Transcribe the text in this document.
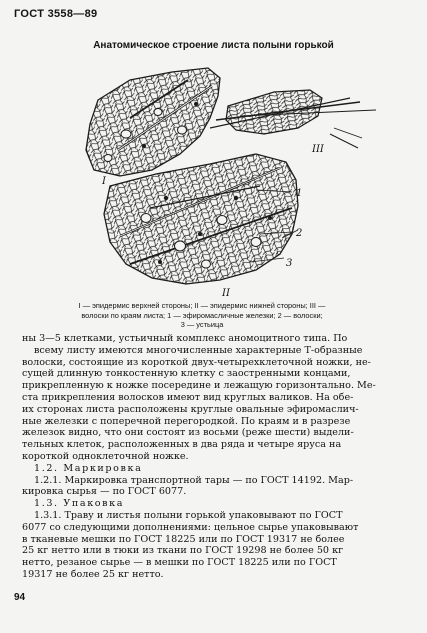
ГОСТ 3558—89
Анатомическое строение листа полыни горькой
I
III
II
1
2
3
I — эпидермис верхней стороны; II — эпидермис нижней стороны; III —
волоски по краям листа; 1 — эфиромасличные железки; 2 — волоски;
3 — устьица

ны 3—5 клетками, устьичный комплекс аномоцитного типа. По

всему листу имеются многочисленные характерные Т-образные

волоски, состоящие из короткой двух-четырехклеточной ножки, не-

сущей длинную тонкостенную клетку с заостренными концами,

прикрепленную к ножке посередине и лежащую горизонтально. Ме-

ста прикрепления волосков имеют вид круглых валиков. На обе-

их сторонах листа расположены круглые овальные эфиромаслич-

ные железки с поперечной перегородкой. По краям и в разрезе

железок видно, что они состоят из восьми (реже шести) выдели-

тельных клеток, расположенных в два ряда и четыре яруса на

короткой одноклеточной ножке.

1.2. Маркировка

1.2.1. Маркировка транспортной тары — по ГОСТ 14192. Мар-

кировка сырья — по ГОСТ 6077.

1.3. Упаковка

1.3.1. Траву и листья полыни горькой упаковывают по ГОСТ

6077 со следующими дополнениями: цельное сырье упаковывают

в тканевые мешки по ГОСТ 18225 или по ГОСТ 19317 не более

25 кг нетто или в тюки из ткани по ГОСТ 19298 не более 50 кг

нетто, резаное сырье — в мешки по ГОСТ 18225 или по ГОСТ

19317 не более 25 кг нетто.

94
